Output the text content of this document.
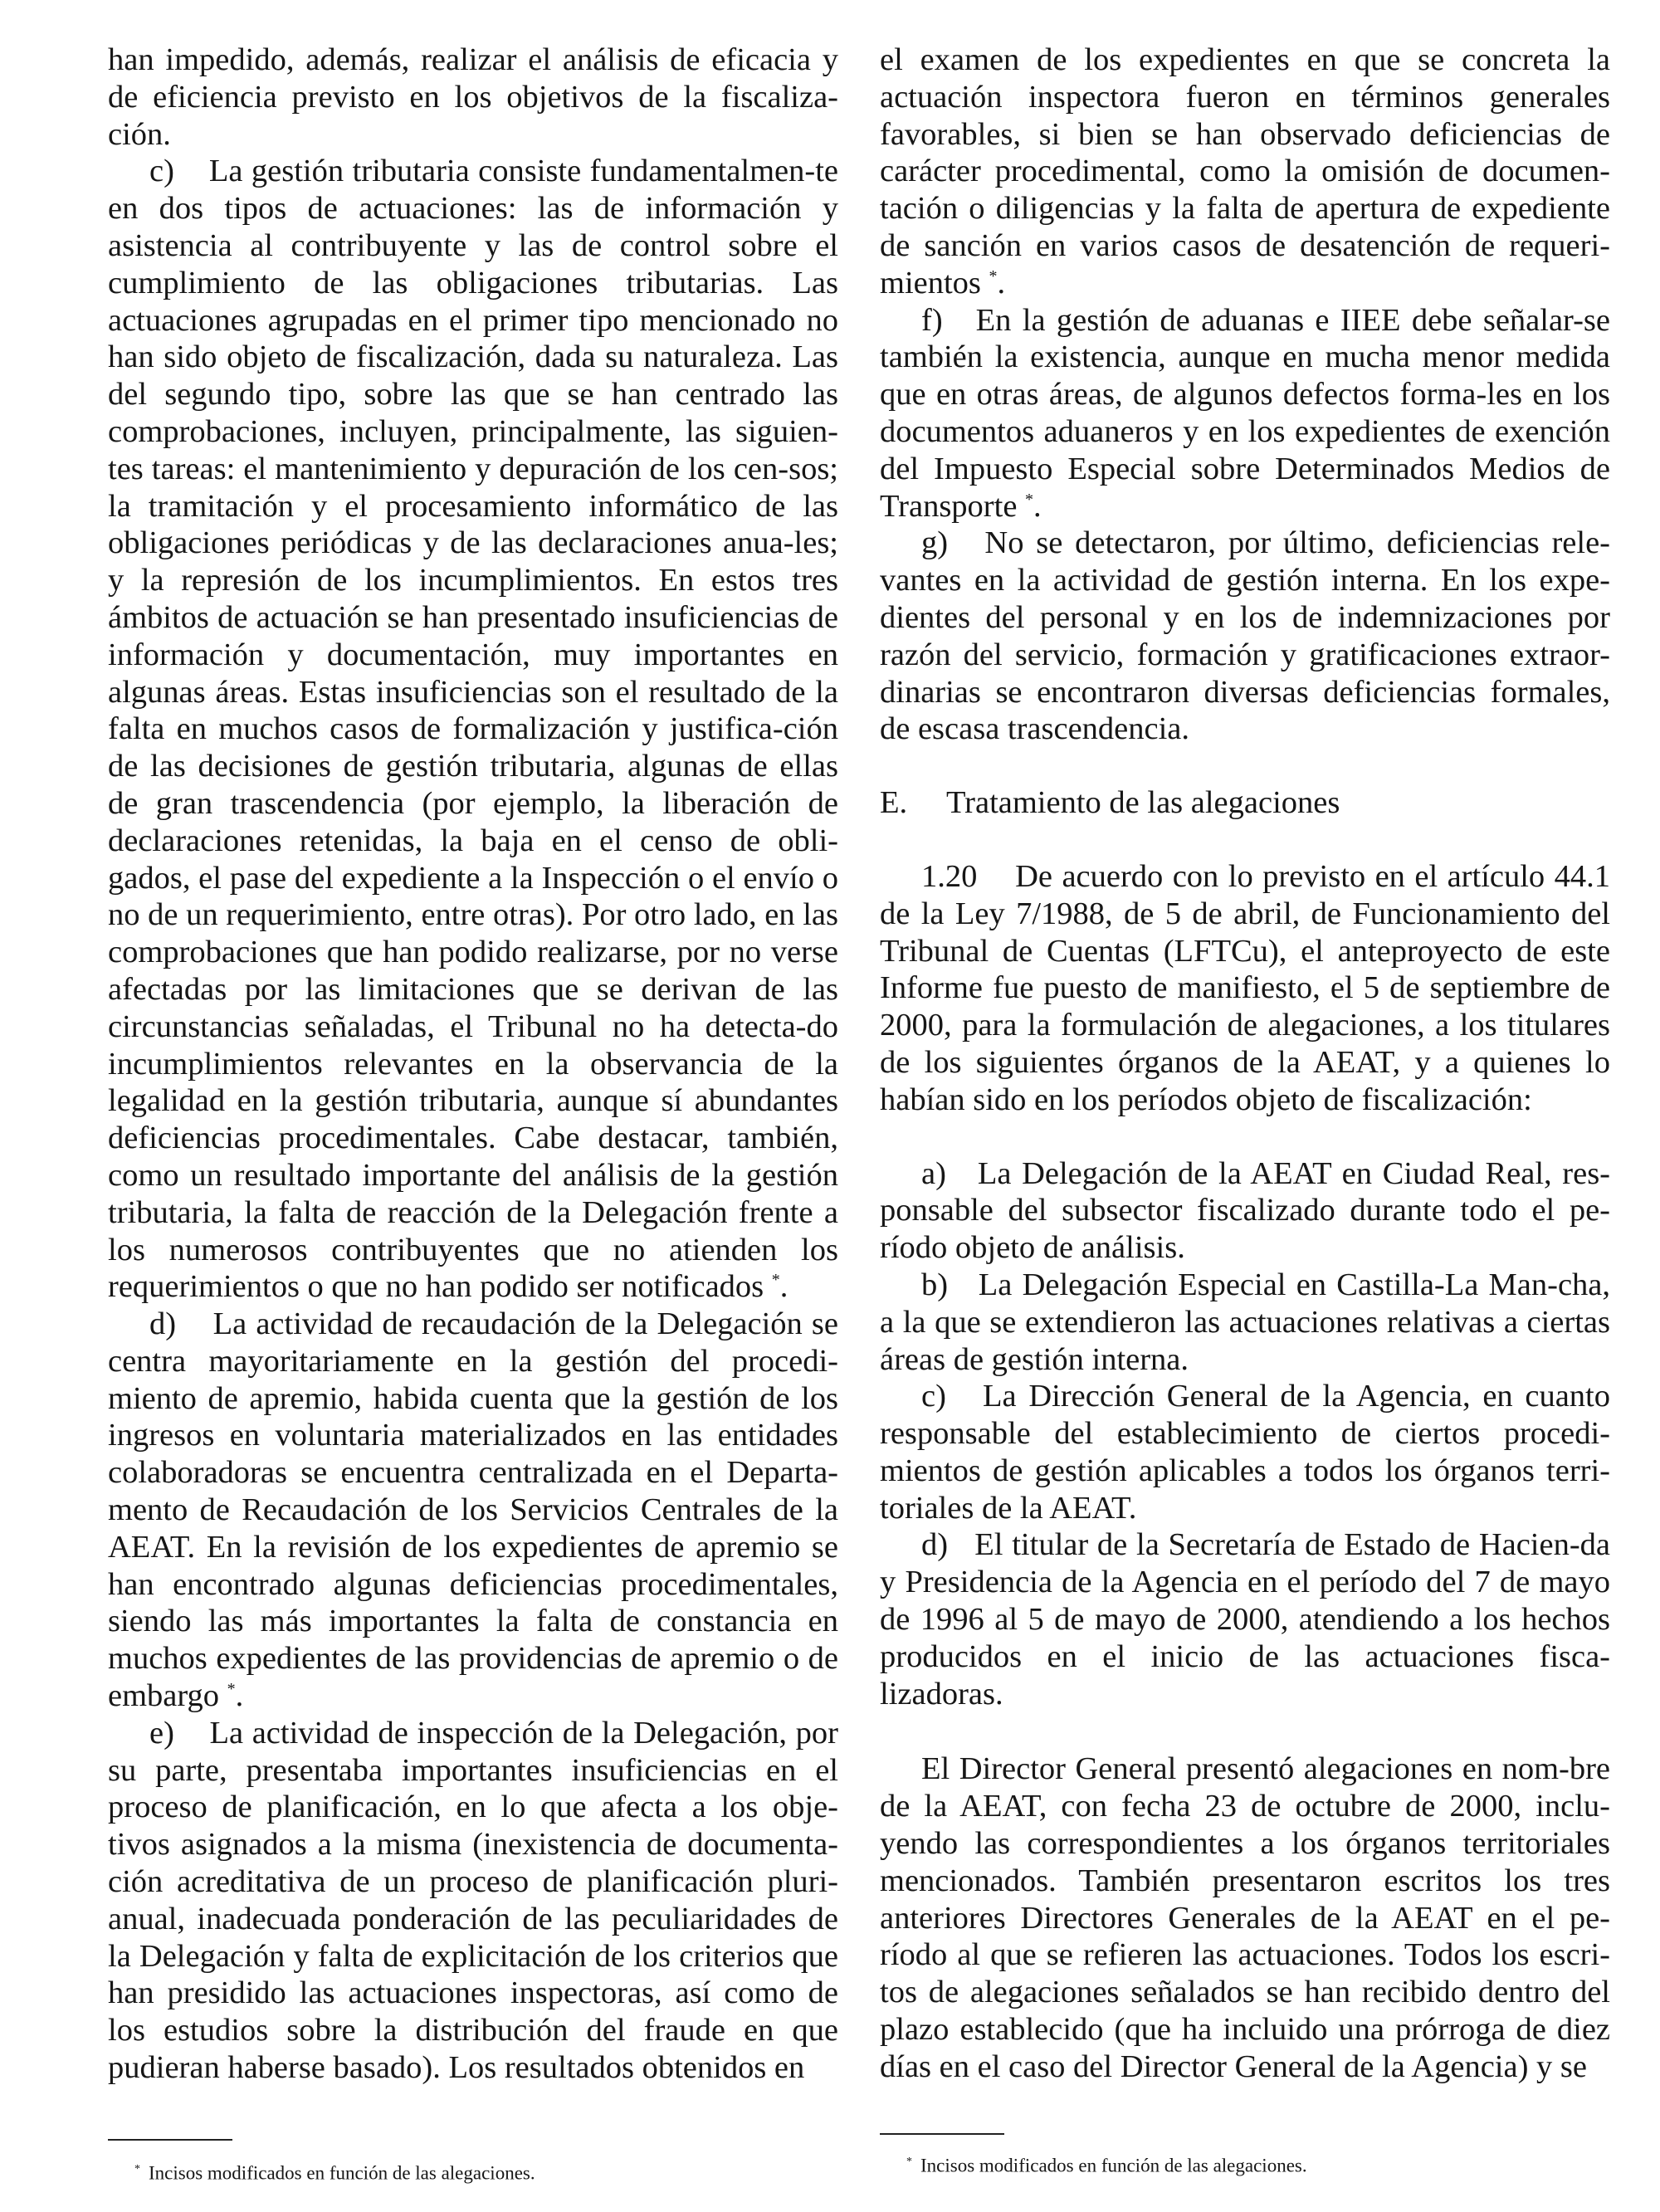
han impedido, además, realizar el análisis de eficacia y de eficiencia previsto en los objetivos de la fiscaliza-ción.

c)    La gestión tributaria consiste fundamentalmen-te en dos tipos de actuaciones: las de información y asistencia al contribuyente y las de control sobre el cumplimiento de las obligaciones tributarias. Las actuaciones agrupadas en el primer tipo mencionado no han sido objeto de fiscalización, dada su naturaleza. Las del segundo tipo, sobre las que se han centrado las comprobaciones, incluyen, principalmente, las siguien-tes tareas: el mantenimiento y depuración de los cen-sos; la tramitación y el procesamiento informático de las obligaciones periódicas y de las declaraciones anua-les; y la represión de los incumplimientos. En estos tres ámbitos de actuación se han presentado insuficiencias de información y documentación, muy importantes en algunas áreas. Estas insuficiencias son el resultado de la falta en muchos casos de formalización y justifica-ción de las decisiones de gestión tributaria, algunas de ellas de gran trascendencia (por ejemplo, la liberación de declaraciones retenidas, la baja en el censo de obli-gados, el pase del expediente a la Inspección o el envío o no de un requerimiento, entre otras). Por otro lado, en las comprobaciones que han podido realizarse, por no verse afectadas por las limitaciones que se derivan de las circunstancias señaladas, el Tribunal no ha detecta-do incumplimientos relevantes en la observancia de la legalidad en la gestión tributaria, aunque sí abundantes deficiencias procedimentales. Cabe destacar, también, como un resultado importante del análisis de la gestión tributaria, la falta de reacción de la Delegación frente a los numerosos contribuyentes que no atienden los requerimientos o que no han podido ser notificados *.

d)    La actividad de recaudación de la Delegación se centra mayoritariamente en la gestión del procedi-miento de apremio, habida cuenta que la gestión de los ingresos en voluntaria materializados en las entidades colaboradoras se encuentra centralizada en el Departa-mento de Recaudación de los Servicios Centrales de la AEAT. En la revisión de los expedientes de apremio se han encontrado algunas deficiencias procedimentales, siendo las más importantes la falta de constancia en muchos expedientes de las providencias de apremio o de embargo *.

e)    La actividad de inspección de la Delegación, por su parte, presentaba importantes insuficiencias en el proceso de planificación, en lo que afecta a los obje-tivos asignados a la misma (inexistencia de documenta-ción acreditativa de un proceso de planificación pluri-anual, inadecuada ponderación de las peculiaridades de la Delegación y falta de explicitación de los criterios que han presidido las actuaciones inspectoras, así como de los estudios sobre la distribución del fraude en que pudieran haberse basado). Los resultados obtenidos en

el examen de los expedientes en que se concreta la actuación inspectora fueron en términos generales favorables, si bien se han observado deficiencias de carácter procedimental, como la omisión de documen-tación o diligencias y la falta de apertura de expediente de sanción en varios casos de desatención de requeri-mientos *.

f)   En la gestión de aduanas e IIEE debe señalar-se también la existencia, aunque en mucha menor medida que en otras áreas, de algunos defectos forma-les en los documentos aduaneros y en los expedientes de exención del Impuesto Especial sobre Determinados Medios de Transporte *.

g)   No se detectaron, por último, deficiencias rele-vantes en la actividad de gestión interna. En los expe-dientes del personal y en los de indemnizaciones por razón del servicio, formación y gratificaciones extraor-dinarias se encontraron diversas deficiencias formales, de escasa trascendencia.

E. Tratamiento de las alegaciones

1.20    De acuerdo con lo previsto en el artículo 44.1 de la Ley 7/1988, de 5 de abril, de Funcionamiento del Tribunal de Cuentas (LFTCu), el anteproyecto de este Informe fue puesto de manifiesto, el 5 de septiembre de 2000, para la formulación de alegaciones, a los titulares de los siguientes órganos de la AEAT, y a quienes lo habían sido en los períodos objeto de fiscalización:

a)   La Delegación de la AEAT en Ciudad Real, res-ponsable del subsector fiscalizado durante todo el pe-ríodo objeto de análisis.

b)   La Delegación Especial en Castilla-La Man-cha, a la que se extendieron las actuaciones relativas a ciertas áreas de gestión interna.

c)   La Dirección General de la Agencia, en cuanto responsable del establecimiento de ciertos procedi-mientos de gestión aplicables a todos los órganos terri-toriales de la AEAT.

d)   El titular de la Secretaría de Estado de Hacien-da y Presidencia de la Agencia en el período del 7 de mayo de 1996 al 5 de mayo de 2000, atendiendo a los hechos producidos en el inicio de las actuaciones fisca-lizadoras.

El Director General presentó alegaciones en nom-bre de la AEAT, con fecha 23 de octubre de 2000, inclu-yendo las correspondientes a los órganos territoriales mencionados. También presentaron escritos los tres anteriores Directores Generales de la AEAT en el pe-ríodo al que se refieren las actuaciones. Todos los escri-tos de alegaciones señalados se han recibido dentro del plazo establecido (que ha incluido una prórroga de diez días en el caso del Director General de la Agencia) y se

* Incisos modificados en función de las alegaciones.
* Incisos modificados en función de las alegaciones.
